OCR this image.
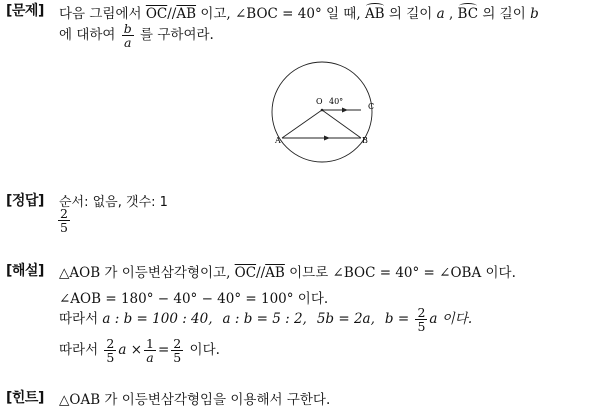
[문제] 다음 그림에서 $\overline{OC}//\overline{AB}$ 이고, ∠BOC = 40° 일 때, AB 의 길이 a , BC 의 길이 b
에 대하여 $\frac{b}{a}$ 를 구하여라.
O 40°
C
A	B
[정답] 순서: 없음, 갯수: 1
$\frac{2}{5}$
[해설] △AOB 가 이등변삼각형이고, $\overline{OC}//\overline{AB}$ 이므로 ∠BOC = 40° = ∠OBA 이다.
∠AOB = 180° − 40° − 40° = 100° 이다.
따라서 a : b = 100 : 40, a : b = 5 : 2, 5b = 2a, $b = \frac{2}{5}$ a 이다.
따라서 $\frac{2}{5}$ $a \times \frac{1}{a} = \frac{2}{5}$ 이다.
[힌트] △OAB 가 이등변삼각형임을 이용해서 구한다.
